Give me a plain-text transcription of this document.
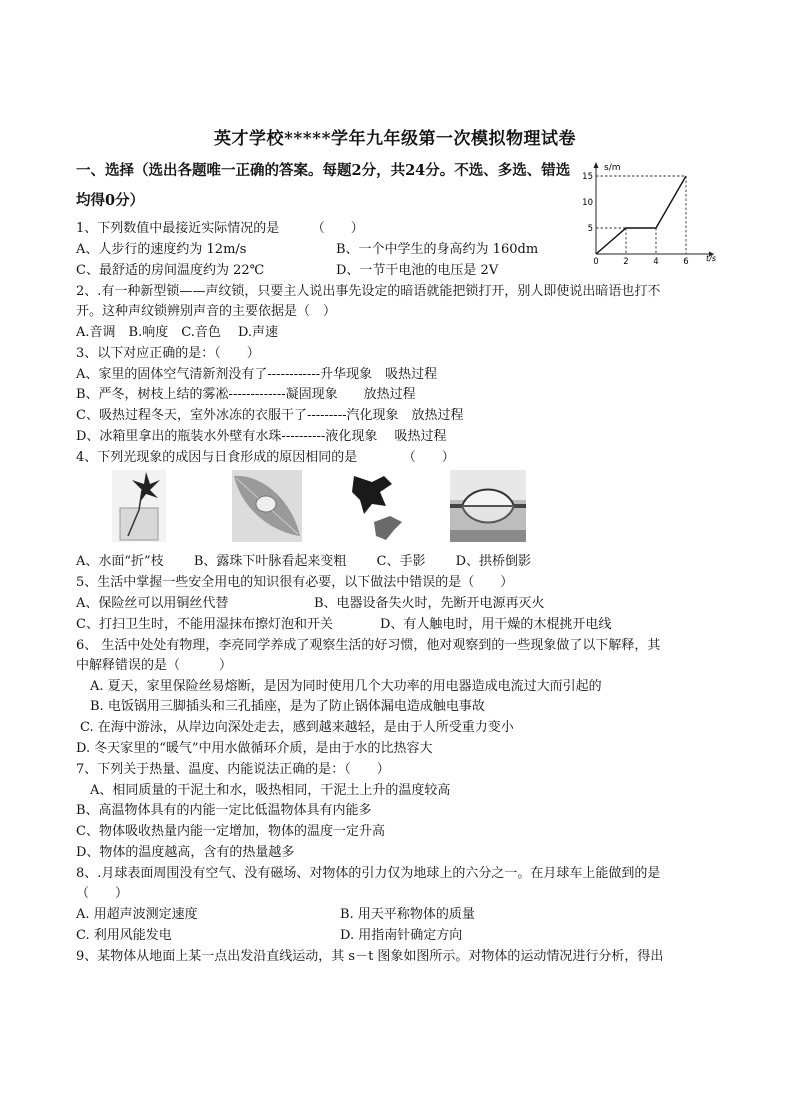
英才学校*****学年九年级第一次模拟物理试卷
一、选择（选出各题唯一正确的答案。每题2分，共24分。不选、多选、错选
均得0分）
s/m
t/s
15
10
5
0	2	4	6
1、下列数值中最接近实际情况的是　　　（　　）
A、人步行的速度约为 12m/s	B、一个中学生的身高约为 160dm
C、最舒适的房间温度约为 22℃	D、一节干电池的电压是 2V
2、.有一种新型锁——声纹锁，只要主人说出事先设定的暗语就能把锁打开，别人即使说出暗语也打不
开。这种声纹锁辨别声音的主要依据是（　）
A.音调　B.响度　C.音色　 D.声速
3、以下对应正确的是：（　　）
A、家里的固体空气清新剂没有了------------升华现象　吸热过程
B、严冬，树枝上结的雾凇-------------凝固现象　　放热过程
C、吸热过程冬天，室外冰冻的衣服干了---------汽化现象　放热过程
D、冰箱里拿出的瓶装水外壁有水珠----------液化现象　 吸热过程
4、下列光现象的成因与日食形成的原因相同的是　　　　（　　）
A、水面“折”枝　　 B、露珠下叶脉看起来变粗　　 C、手影　　 D、拱桥倒影
5、生活中掌握一些安全用电的知识很有必要，以下做法中错误的是（　　）
A、保险丝可以用铜丝代替	B、电器设备失火时，先断开电源再灭火
C、打扫卫生时，不能用湿抹布擦灯泡和开关	D、有人触电时，用干燥的木棍挑开电线
6、 生活中处处有物理，李亮同学养成了观察生活的好习惯，他对观察到的一些现象做了以下解释，其
中解释错误的是（　　　）
A. 夏天，家里保险丝易熔断，是因为同时使用几个大功率的用电器造成电流过大而引起的
B. 电饭锅用三脚插头和三孔插座，是为了防止锅体漏电造成触电事故
C. 在海中游泳，从岸边向深处走去，感到越来越轻，是由于人所受重力变小
D. 冬天家里的“暖气”中用水做循环介质，是由于水的比热容大
7、下列关于热量、温度、内能说法正确的是：（　　）
A、相同质量的干泥土和水，吸热相同，干泥土上升的温度较高
B、高温物体具有的内能一定比低温物体具有内能多
C、物体吸收热量内能一定增加，物体的温度一定升高
D、物体的温度越高，含有的热量越多
8、.月球表面周围没有空气、没有磁场、对物体的引力仅为地球上的六分之一。在月球车上能做到的是
（　　）
A. 用超声波测定速度	B. 用天平称物体的质量
C. 利用风能发电	D. 用指南针确定方向
9、某物体从地面上某一点出发沿直线运动，其 s－t 图象如图所示。对物体的运动情况进行分析，得出
